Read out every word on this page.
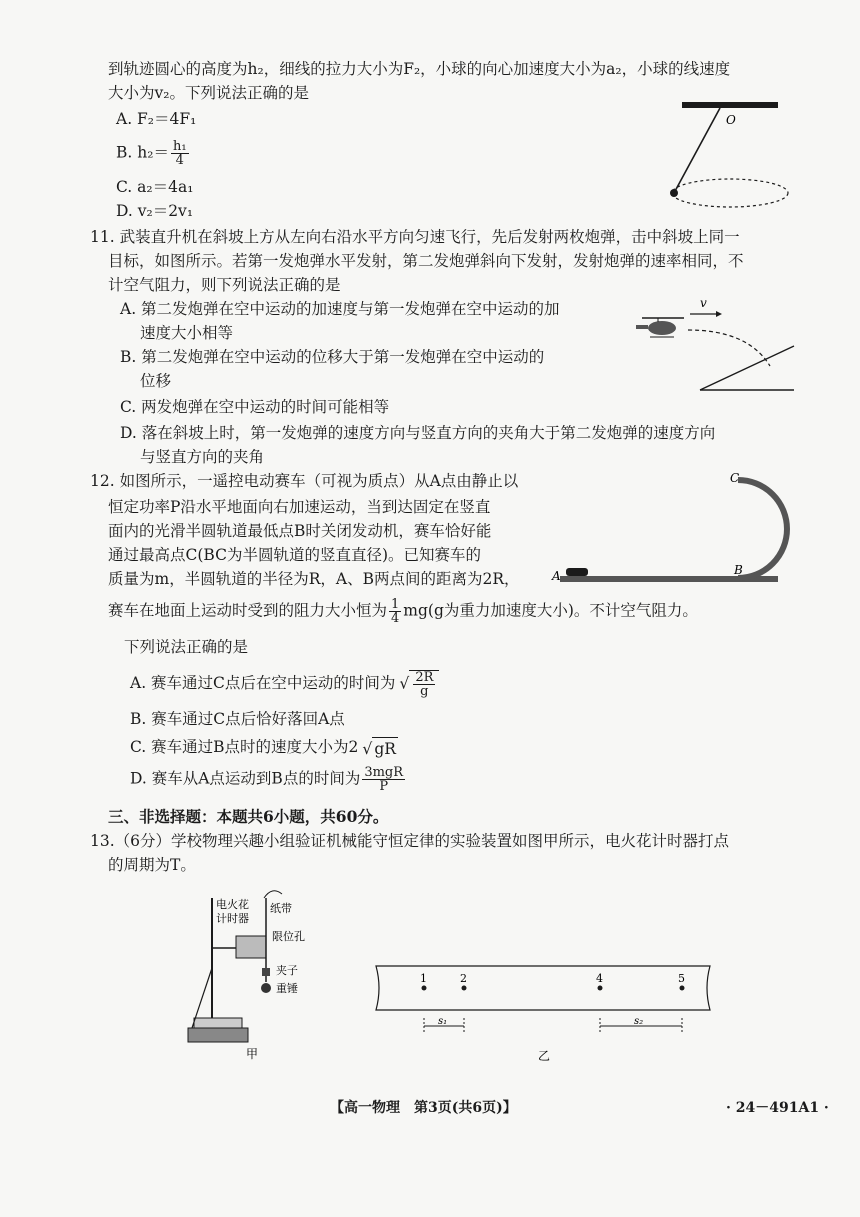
到轨迹圆心的高度为h₂，细线的拉力大小为F₂，小球的向心加速度大小为a₂，小球的线速度
大小为v₂。下列说法正确的是
A. F₂＝4F₁
B. $h_2= \frac{\text{h₁}}{4}$
C. a₂＝4a₁
D. v₂＝2v₁
O
11. 武装直升机在斜坡上方从左向右沿水平方向匀速飞行，先后发射两枚炮弹，击中斜坡上同一
目标，如图所示。若第一发炮弹水平发射，第二发炮弹斜向下发射，发射炮弹的速率相同，不
计空气阻力，则下列说法正确的是
A. 第二发炮弹在空中运动的加速度与第一发炮弹在空中运动的加
速度大小相等
B. 第二发炮弹在空中运动的位移大于第一发炮弹在空中运动的
位移
C. 两发炮弹在空中运动的时间可能相等
D. 落在斜坡上时，第一发炮弹的速度方向与竖直方向的夹角大于第二发炮弹的速度方向
与竖直方向的夹角
v
12. 如图所示，一遥控电动赛车（可视为质点）从A点由静止以
恒定功率P沿水平地面向右加速运动，当到达固定在竖直
面内的光滑半圆轨道最低点B时关闭发动机，赛车恰好能
通过最高点C(BC为半圆轨道的竖直直径)。已知赛车的
质量为m，半圆轨道的半径为R，A、B两点间的距离为2R，
赛车在地面上运动时受到的阻力大小恒为 $\frac{1}{4} mg(g$为重力加速度大小)。不计空气阻力。
下列说法正确的是
A. 赛车通过C点后在空中运动的时间为 √ $\frac{2R}{g}$
B. 赛车通过C点后恰好落回A点
C. 赛车通过B点时的速度大小为2 √ gR
D. 赛车从A点运动到B点的时间为 $\frac{\text{3mgR}}{P}$
C
A	B
三、非选择题：本题共6小题，共60分。
13.（6分）学校物理兴趣小组验证机械能守恒定律的实验装置如图甲所示，电火花计时器打点
的周期为T。
电火花
计时器
纸带
限位孔
夹子
重锤
甲
1	2	4	5
s₁	s₂
乙
【高一物理　第3页(共6页)】	· 24－491A1 ·
